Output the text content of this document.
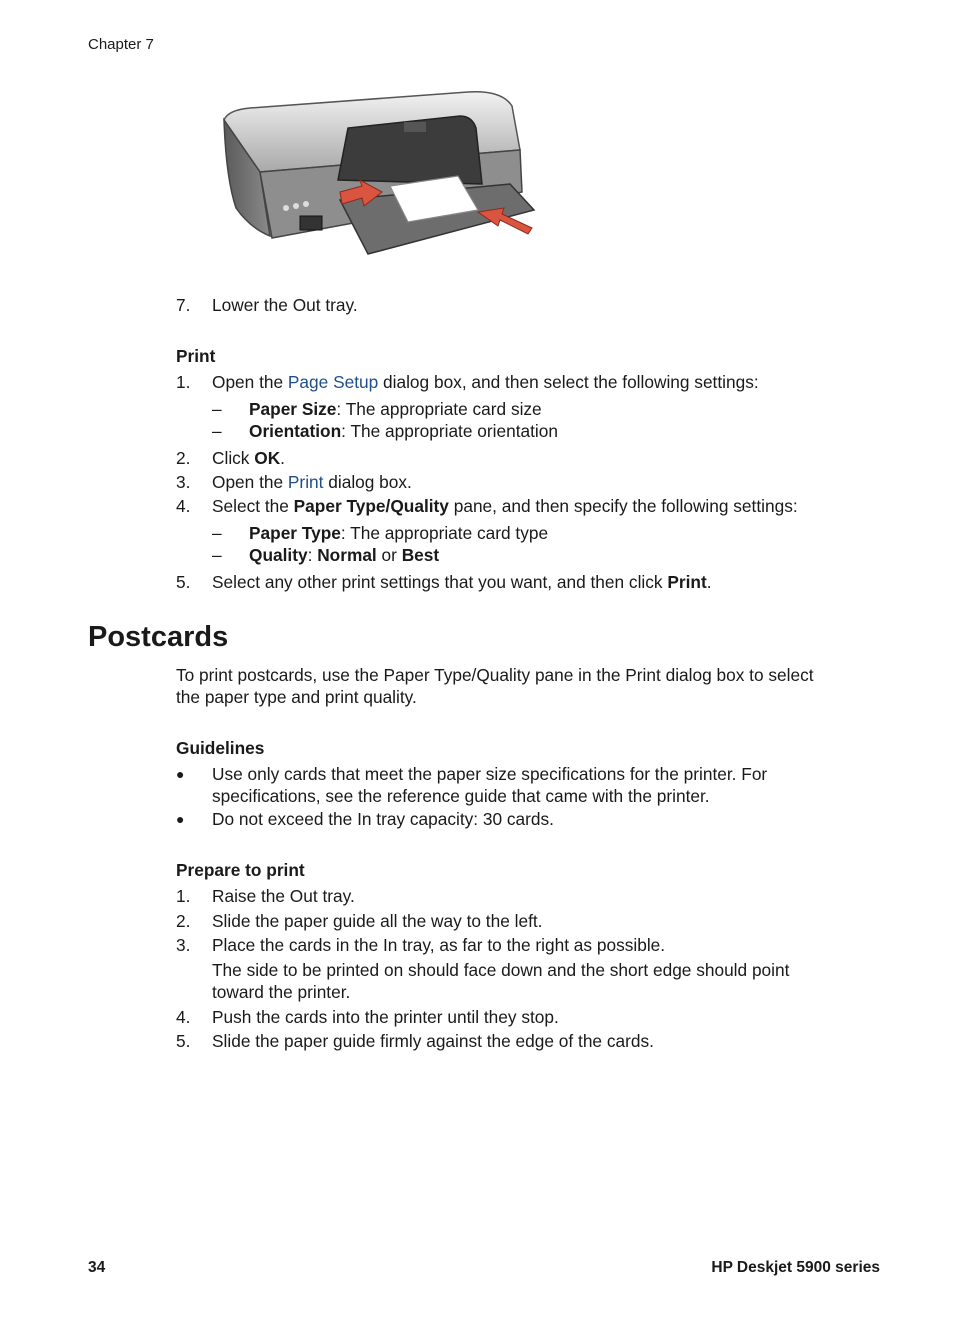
Chapter 7
7. Lower the Out tray.
Print
1. Open the Page Setup dialog box, and then select the following settings:
– Paper Size: The appropriate card size
– Orientation: The appropriate orientation
2. Click OK.
3. Open the Print dialog box.
4. Select the Paper Type/Quality pane, and then specify the following settings:
– Paper Type: The appropriate card type
– Quality: Normal or Best
5. Select any other print settings that you want, and then click Print.
Postcards
To print postcards, use the Paper Type/Quality pane in the Print dialog box to select
the paper type and print quality.
Guidelines
● Use only cards that meet the paper size specifications for the printer. For
specifications, see the reference guide that came with the printer.
● Do not exceed the In tray capacity: 30 cards.
Prepare to print
1. Raise the Out tray.
2. Slide the paper guide all the way to the left.
3. Place the cards in the In tray, as far to the right as possible.
The side to be printed on should face down and the short edge should point
toward the printer.
4. Push the cards into the printer until they stop.
5. Slide the paper guide firmly against the edge of the cards.
34	HP Deskjet 5900 series
